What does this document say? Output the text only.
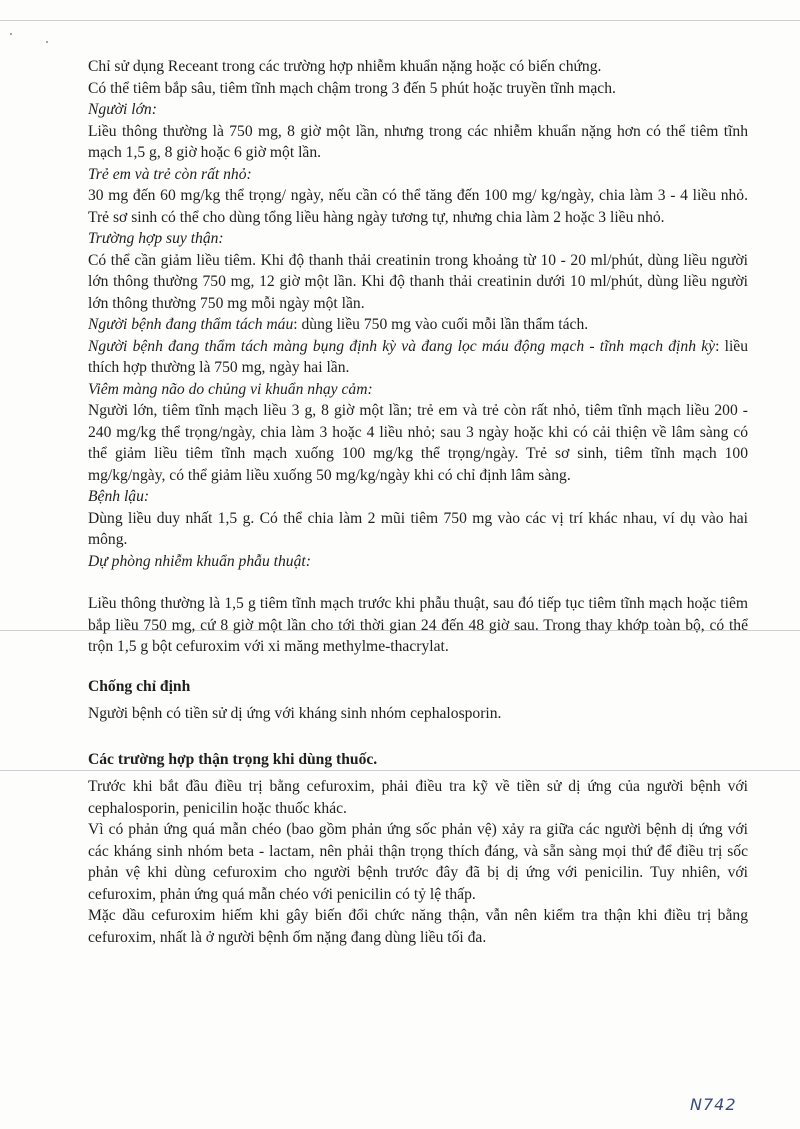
Chỉ sử dụng Receant trong các trường hợp nhiễm khuẩn nặng hoặc có biến chứng.

Có thể tiêm bắp sâu, tiêm tĩnh mạch chậm trong 3 đến 5 phút hoặc truyền tĩnh mạch.

Người lớn:

Liều thông thường là 750 mg, 8 giờ một lần, nhưng trong các nhiễm khuẩn nặng hơn có thể tiêm tĩnh mạch 1,5 g, 8 giờ hoặc 6 giờ một lần.

Trẻ em và trẻ còn rất nhỏ:

30 mg đến 60 mg/kg thể trọng/ ngày, nếu cần có thể tăng đến 100 mg/ kg/ngày, chia làm 3 - 4 liều nhỏ. Trẻ sơ sinh có thể cho dùng tổng liều hàng ngày tương tự, nhưng chia làm 2 hoặc 3 liều nhỏ.

Trường hợp suy thận:

Có thể cần giảm liều tiêm. Khi độ thanh thải creatinin trong khoảng từ 10 - 20 ml/phút, dùng liều người lớn thông thường 750 mg, 12 giờ một lần. Khi độ thanh thải creatinin dưới 10 ml/phút, dùng liều người lớn thông thường 750 mg mỗi ngày một lần.

Người bệnh đang thẩm tách máu: dùng liều 750 mg vào cuối mỗi lần thẩm tách.

Người bệnh đang thẩm tách màng bụng định kỳ và đang lọc máu động mạch - tĩnh mạch định kỳ: liều thích hợp thường là 750 mg, ngày hai lần.

Viêm màng não do chủng vi khuẩn nhạy cảm:

Người lớn, tiêm tĩnh mạch liều 3 g, 8 giờ một lần; trẻ em và trẻ còn rất nhỏ, tiêm tĩnh mạch liều 200 - 240 mg/kg thể trọng/ngày, chia làm 3 hoặc 4 liều nhỏ; sau 3 ngày hoặc khi có cải thiện về lâm sàng có thể giảm liều tiêm tĩnh mạch xuống 100 mg/kg thể trọng/ngày. Trẻ sơ sinh, tiêm tĩnh mạch 100 mg/kg/ngày, có thể giảm liều xuống 50 mg/kg/ngày khi có chỉ định lâm sàng.

Bệnh lậu:

Dùng liều duy nhất 1,5 g. Có thể chia làm 2 mũi tiêm 750 mg vào các vị trí khác nhau, ví dụ vào hai mông.

Dự phòng nhiễm khuẩn phẫu thuật:

Liều thông thường là 1,5 g tiêm tĩnh mạch trước khi phẫu thuật, sau đó tiếp tục tiêm tĩnh mạch hoặc tiêm bắp liều 750 mg, cứ 8 giờ một lần cho tới thời gian 24 đến 48 giờ sau. Trong thay khớp toàn bộ, có thể trộn 1,5 g bột cefuroxim với xi măng methylme-thacrylat.

Chống chỉ định

Người bệnh có tiền sử dị ứng với kháng sinh nhóm cephalosporin.

Các trường hợp thận trọng khi dùng thuốc.

Trước khi bắt đầu điều trị bằng cefuroxim, phải điều tra kỹ về tiền sử dị ứng của người bệnh với cephalosporin, penicilin hoặc thuốc khác.

Vì có phản ứng quá mẫn chéo (bao gồm phản ứng sốc phản vệ) xảy ra giữa các người bệnh dị ứng với các kháng sinh nhóm beta - lactam, nên phải thận trọng thích đáng, và sẵn sàng mọi thứ để điều trị sốc phản vệ khi dùng cefuroxim cho người bệnh trước đây đã bị dị ứng với penicilin. Tuy nhiên, với cefuroxim, phản ứng quá mẫn chéo với penicilin có tỷ lệ thấp.

Mặc dầu cefuroxim hiếm khi gây biến đổi chức năng thận, vẫn nên kiểm tra thận khi điều trị bằng cefuroxim, nhất là ở người bệnh ốm nặng đang dùng liều tối đa.

N742
